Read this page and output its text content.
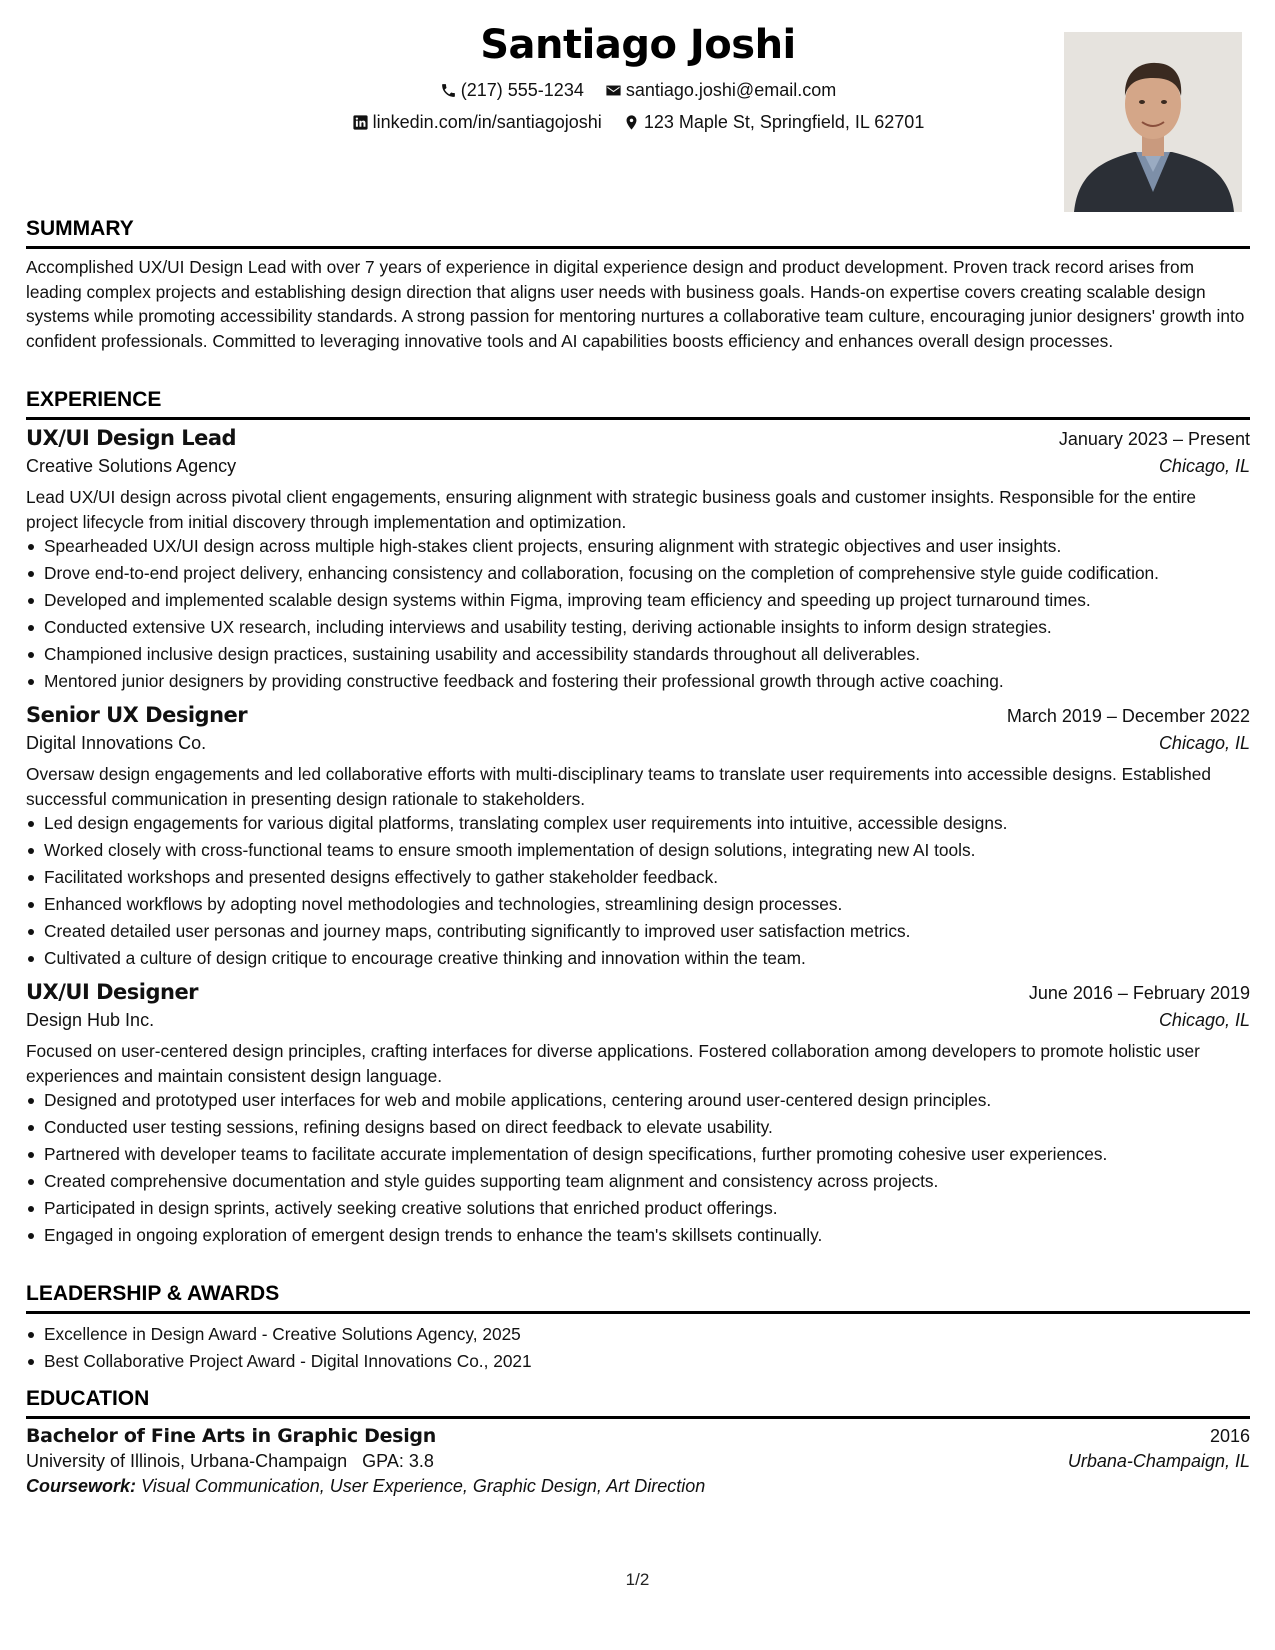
Santiago Joshi
(217) 555-1234
santiago.joshi@email.com
linkedin.com/in/santiagojoshi
123 Maple St, Springfield, IL 62701
SUMMARY

Accomplished UX/UI Design Lead with over 7 years of experience in digital experience design and product development. Proven track record arises from leading complex projects and establishing design direction that aligns user needs with business goals. Hands-on expertise covers creating scalable design systems while promoting accessibility standards. A strong passion for mentoring nurtures a collaborative team culture, encouraging junior designers' growth into confident professionals. Committed to leveraging innovative tools and AI capabilities boosts efficiency and enhances overall design processes.

EXPERIENCE
UX/UI Design Lead	January 2023 – Present
Creative Solutions Agency	Chicago, IL

Lead UX/UI design across pivotal client engagements, ensuring alignment with strategic business goals and customer insights. Responsible for the entire project lifecycle from initial discovery through implementation and optimization.

Spearheaded UX/UI design across multiple high-stakes client projects, ensuring alignment with strategic objectives and user insights.
Drove end-to-end project delivery, enhancing consistency and collaboration, focusing on the completion of comprehensive style guide codification.
Developed and implemented scalable design systems within Figma, improving team efficiency and speeding up project turnaround times.
Conducted extensive UX research, including interviews and usability testing, deriving actionable insights to inform design strategies.
Championed inclusive design practices, sustaining usability and accessibility standards throughout all deliverables.
Mentored junior designers by providing constructive feedback and fostering their professional growth through active coaching.
Senior UX Designer	March 2019 – December 2022
Digital Innovations Co.	Chicago, IL

Oversaw design engagements and led collaborative efforts with multi-disciplinary teams to translate user requirements into accessible designs. Established successful communication in presenting design rationale to stakeholders.

Led design engagements for various digital platforms, translating complex user requirements into intuitive, accessible designs.
Worked closely with cross-functional teams to ensure smooth implementation of design solutions, integrating new AI tools.
Facilitated workshops and presented designs effectively to gather stakeholder feedback.
Enhanced workflows by adopting novel methodologies and technologies, streamlining design processes.
Created detailed user personas and journey maps, contributing significantly to improved user satisfaction metrics.
Cultivated a culture of design critique to encourage creative thinking and innovation within the team.
UX/UI Designer	June 2016 – February 2019
Design Hub Inc.	Chicago, IL

Focused on user-centered design principles, crafting interfaces for diverse applications. Fostered collaboration among developers to promote holistic user experiences and maintain consistent design language.

Designed and prototyped user interfaces for web and mobile applications, centering around user-centered design principles.
Conducted user testing sessions, refining designs based on direct feedback to elevate usability.
Partnered with developer teams to facilitate accurate implementation of design specifications, further promoting cohesive user experiences.
Created comprehensive documentation and style guides supporting team alignment and consistency across projects.
Participated in design sprints, actively seeking creative solutions that enriched product offerings.
Engaged in ongoing exploration of emergent design trends to enhance the team's skillsets continually.
LEADERSHIP & AWARDS
Excellence in Design Award - Creative Solutions Agency, 2025
Best Collaborative Project Award - Digital Innovations Co., 2021
EDUCATION
Bachelor of Fine Arts in Graphic Design	2016
University of Illinois, Urbana-Champaign GPA: 3.8	Urbana-Champaign, IL
Coursework: Visual Communication, User Experience, Graphic Design, Art Direction
1/2
